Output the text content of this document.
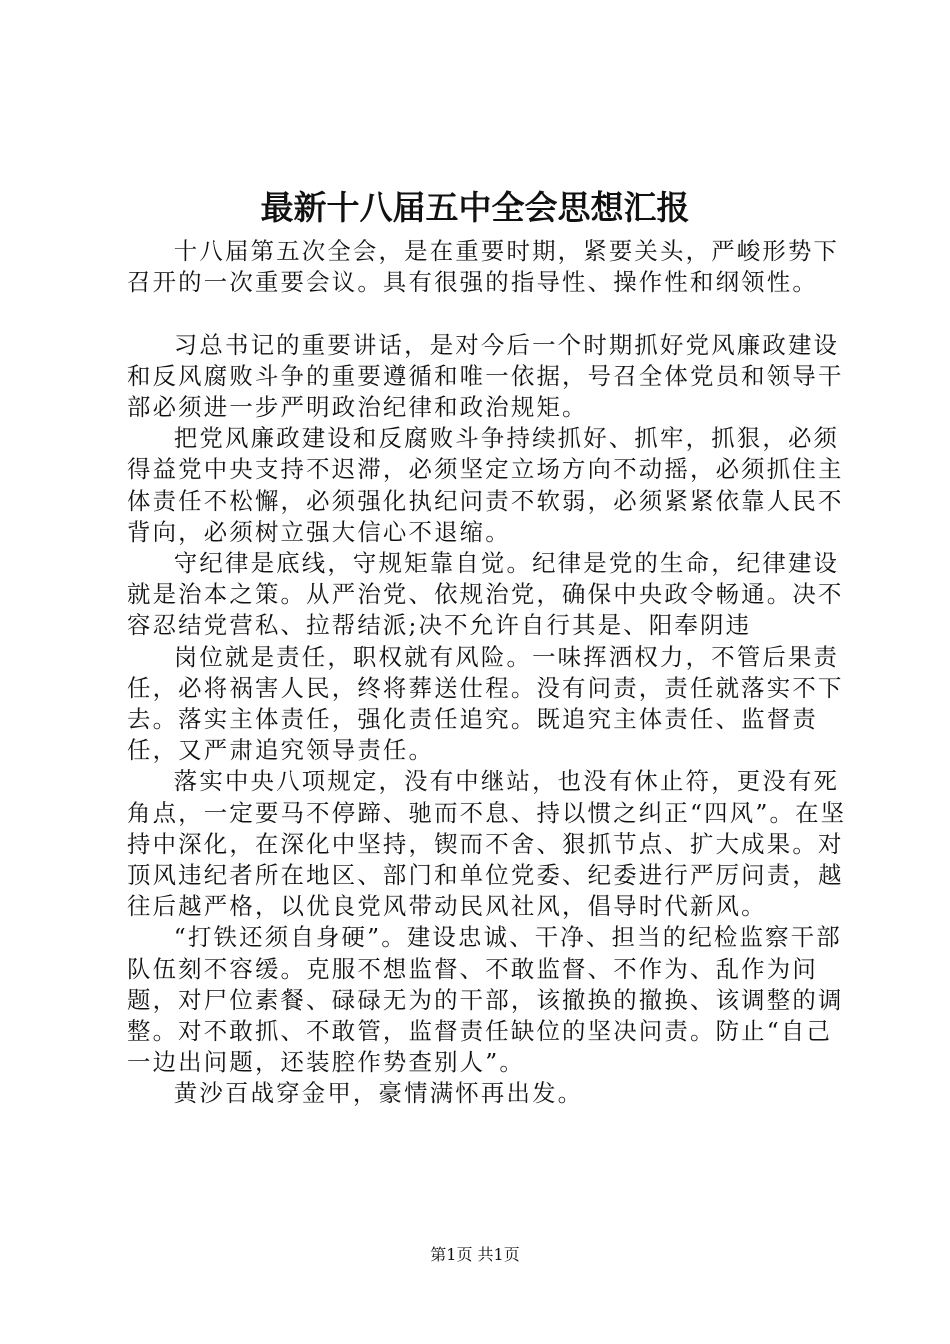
最新十八届五中全会思想汇报

十八届第五次全会，是在重要时期，紧要关头，严峻形势下召开的一次重要会议。具有很强的指导性、操作性和纲领性。

习总书记的重要讲话，是对今后一个时期抓好党风廉政建设和反风腐败斗争的重要遵循和唯一依据，号召全体党员和领导干部必须进一步严明政治纪律和政治规矩。

把党风廉政建设和反腐败斗争持续抓好、抓牢，抓狠，必须得益党中央支持不迟滞，必须坚定立场方向不动摇，必须抓住主体责任不松懈，必须强化执纪问责不软弱，必须紧紧依靠人民不背向，必须树立强大信心不退缩。

守纪律是底线，守规矩靠自觉。纪律是党的生命，纪律建设就是治本之策。从严治党、依规治党，确保中央政令畅通。决不容忍结党营私、拉帮结派;决不允许自行其是、阳奉阴违

岗位就是责任，职权就有风险。一味挥洒权力，不管后果责任，必将祸害人民，终将葬送仕程。没有问责，责任就落实不下去。落实主体责任，强化责任追究。既追究主体责任、监督责任，又严肃追究领导责任。

落实中央八项规定，没有中继站，也没有休止符，更没有死角点，一定要马不停蹄、驰而不息、持以惯之纠正“四风”。在坚持中深化，在深化中坚持，锲而不舍、狠抓节点、扩大成果。对顶风违纪者所在地区、部门和单位党委、纪委进行严厉问责，越往后越严格，以优良党风带动民风社风，倡导时代新风。

“打铁还须自身硬”。建设忠诚、干净、担当的纪检监察干部队伍刻不容缓。克服不想监督、不敢监督、不作为、乱作为问题，对尸位素餐、碌碌无为的干部，该撤换的撤换、该调整的调整。对不敢抓、不敢管，监督责任缺位的坚决问责。防止“自己一边出问题，还装腔作势查别人”。

黄沙百战穿金甲，豪情满怀再出发。

第1页 共1页
